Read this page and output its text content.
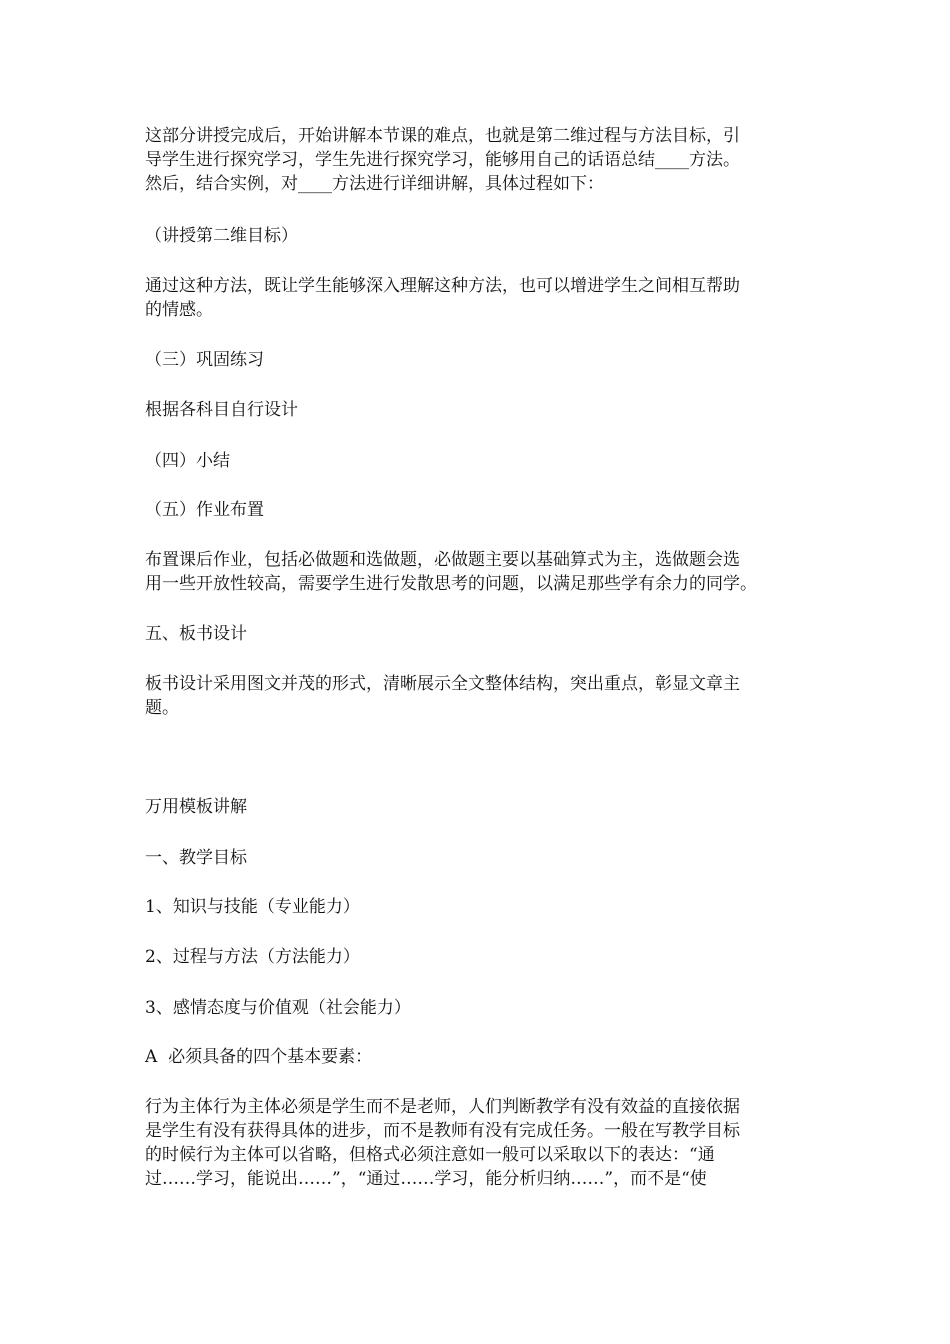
这部分讲授完成后，开始讲解本节课的难点，也就是第二维过程与方法目标，引
导学生进行探究学习，学生先进行探究学习，能够用自己的话语总结____方法。
然后，结合实例，对____方法进行详细讲解，具体过程如下：

（讲授第二维目标）

通过这种方法，既让学生能够深入理解这种方法，也可以增进学生之间相互帮助
的情感。

（三）巩固练习

根据各科目自行设计

（四）小结

（五）作业布置

布置课后作业，包括必做题和选做题，必做题主要以基础算式为主，选做题会选
用一些开放性较高，需要学生进行发散思考的问题，以满足那些学有余力的同学。

五、板书设计

板书设计采用图文并茂的形式，清晰展示全文整体结构，突出重点，彰显文章主
题。

万用模板讲解

一、教学目标

1、知识与技能（专业能力）

2、过程与方法（方法能力）

3、感情态度与价值观（社会能力）

A  必须具备的四个基本要素：

行为主体行为主体必须是学生而不是老师，人们判断教学有没有效益的直接依据
是学生有没有获得具体的进步，而不是教师有没有完成任务。一般在写教学目标
的时候行为主体可以省略，但格式必须注意如一般可以采取以下的表达：“通
过……学习，能说出……”，“通过……学习，能分析归纳……”，而不是“使
